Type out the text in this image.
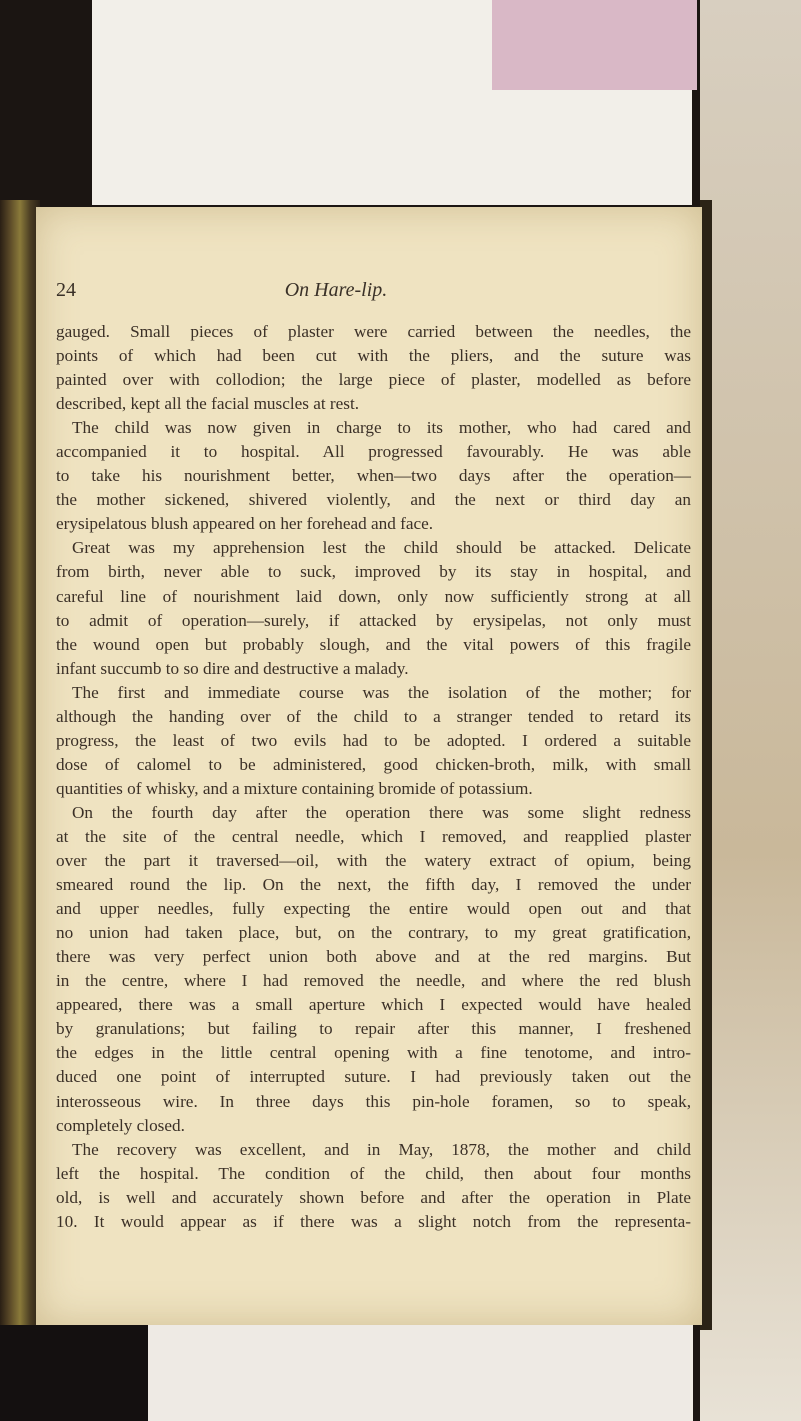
On Hare-lip.
24
gauged. Small pieces of plaster were carried between the needles, the
points of which had been cut with the pliers, and the suture was
painted over with collodion; the large piece of plaster, modelled as before
described, kept all the facial muscles at rest.
The child was now given in charge to its mother, who had cared and
accompanied it to hospital. All progressed favourably. He was able
to take his nourishment better, when—two days after the operation—
the mother sickened, shivered violently, and the next or third day an
erysipelatous blush appeared on her forehead and face.
Great was my apprehension lest the child should be attacked. Delicate
from birth, never able to suck, improved by its stay in hospital, and
careful line of nourishment laid down, only now sufficiently strong at all
to admit of operation—surely, if attacked by erysipelas, not only must
the wound open but probably slough, and the vital powers of this fragile
infant succumb to so dire and destructive a malady.
The first and immediate course was the isolation of the mother; for
although the handing over of the child to a stranger tended to retard its
progress, the least of two evils had to be adopted. I ordered a suitable
dose of calomel to be administered, good chicken-broth, milk, with small
quantities of whisky, and a mixture containing bromide of potassium.
On the fourth day after the operation there was some slight redness
at the site of the central needle, which I removed, and reapplied plaster
over the part it traversed—oil, with the watery extract of opium, being
smeared round the lip. On the next, the fifth day, I removed the under
and upper needles, fully expecting the entire would open out and that
no union had taken place, but, on the contrary, to my great gratification,
there was very perfect union both above and at the red margins. But
in the centre, where I had removed the needle, and where the red blush
appeared, there was a small aperture which I expected would have healed
by granulations; but failing to repair after this manner, I freshened
the edges in the little central opening with a fine tenotome, and intro-
duced one point of interrupted suture. I had previously taken out the
interosseous wire. In three days this pin-hole foramen, so to speak,
completely closed.
The recovery was excellent, and in May, 1878, the mother and child
left the hospital. The condition of the child, then about four months
old, is well and accurately shown before and after the operation in Plate
10. It would appear as if there was a slight notch from the representa-
